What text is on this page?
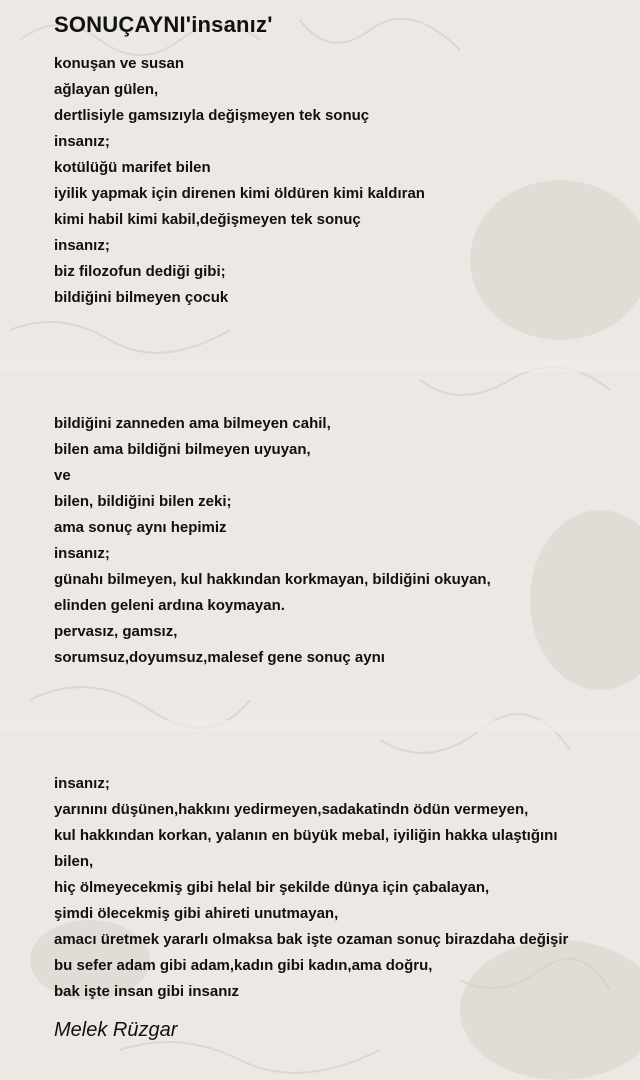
SONUÇAYNI'insanız'
konuşan ve susan
ağlayan gülen,
dertlisiyle gamsızıyla değişmeyen tek sonuç
insanız;
kotülüğü marifet bilen
iyilik yapmak için direnen kimi öldüren kimi kaldıran
kimi habil kimi kabil,değişmeyen tek sonuç
insanız;
biz filozofun dediği gibi;
bildiğini bilmeyen çocuk
bildiğini zanneden ama bilmeyen cahil,
bilen ama bildiğni bilmeyen uyuyan,
ve
bilen, bildiğini bilen zeki;
ama sonuç aynı hepimiz
insanız;
günahı bilmeyen, kul hakkından korkmayan, bildiğini okuyan,
elinden geleni ardına koymayan.
pervasız, gamsız,
sorumsuz,doyumsuz,malesef gene sonuç aynı
insanız;
yarınını düşünen,hakkını yedirmeyen,sadakatindn ödün vermeyen,
kul hakkından korkan, yalanın en büyük mebal, iyiliğin hakka ulaştığını
bilen,
hiç ölmeyecekmiş gibi helal bir şekilde dünya için çabalayan,
şimdi ölecekmiş gibi ahireti unutmayan,
amacı üretmek yararlı olmaksa bak işte ozaman sonuç birazdaha değişir
bu sefer adam gibi adam,kadın gibi kadın,ama doğru,
bak işte insan gibi insanız
Melek Rüzgar
